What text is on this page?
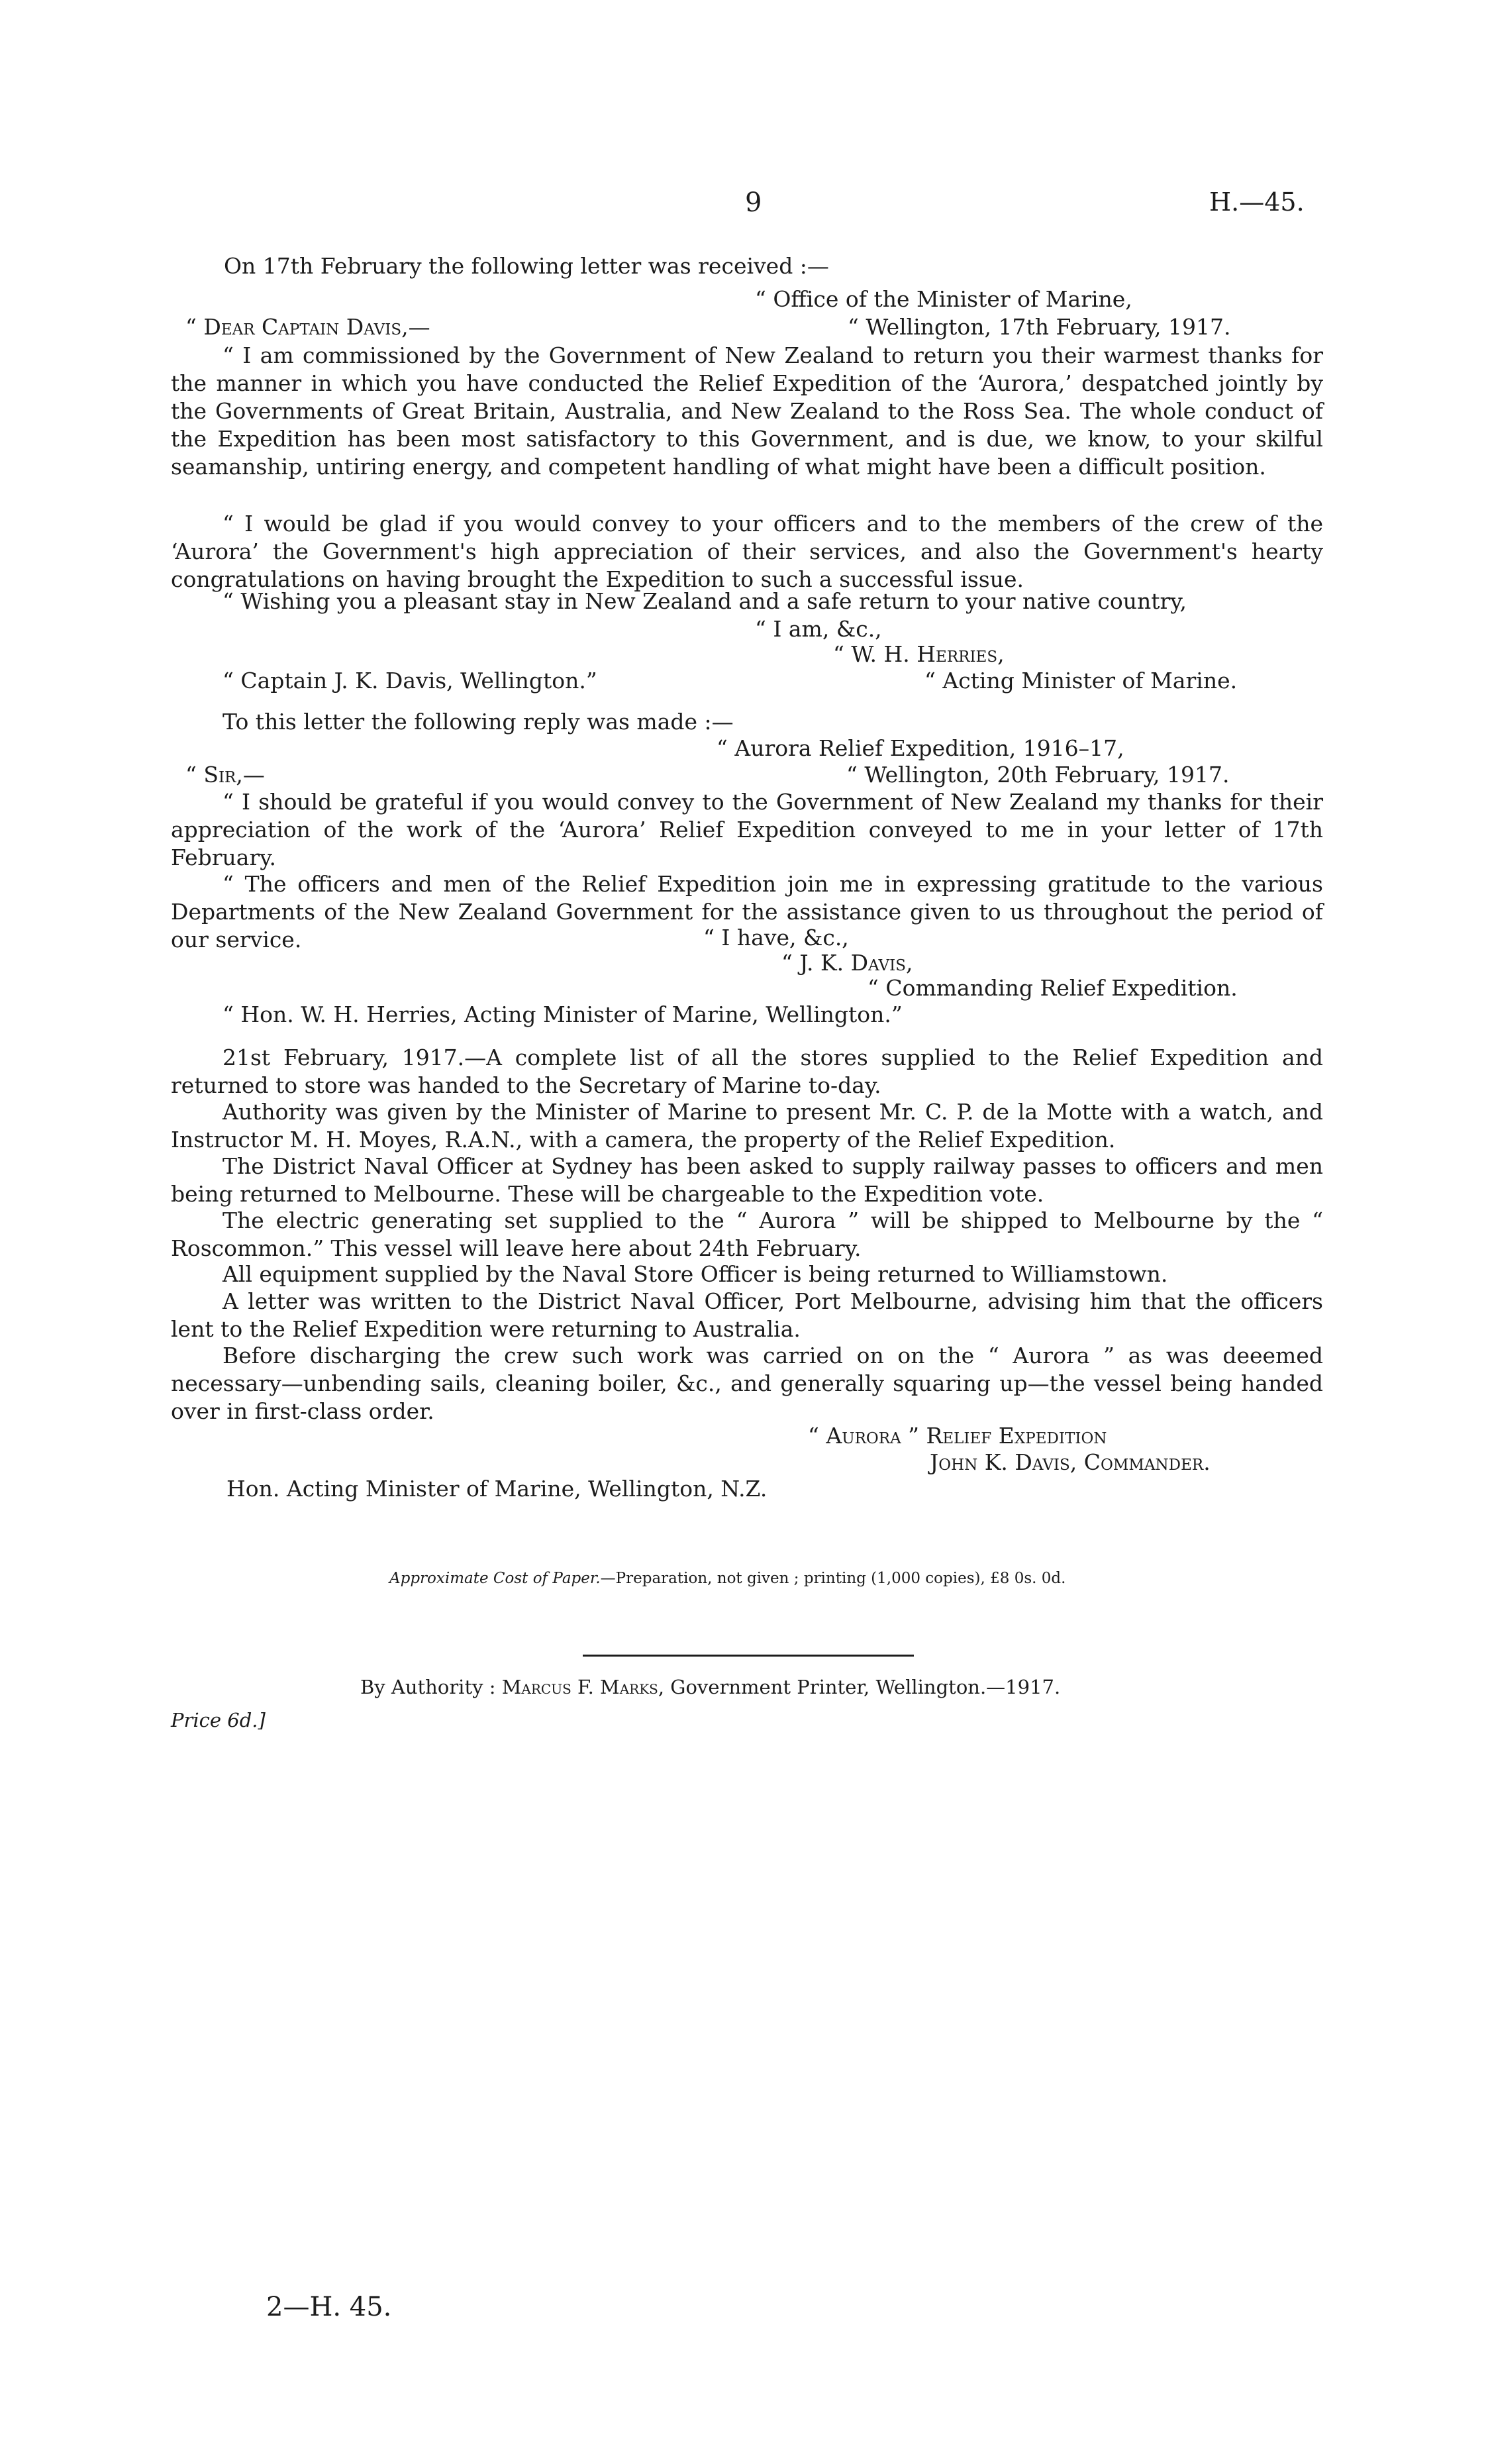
9	H.—45.
On 17th February the following letter was received :—
“ Office of the Minister of Marine,
“ Dear Captain Davis,—	“ Wellington, 17th February, 1917.
“ I am commissioned by the Government of New Zealand to return you their warmest thanks for the manner in which you have conducted the Relief Expedition of the ‘Aurora,’ despatched jointly by the Governments of Great Britain, Australia, and New Zealand to the Ross Sea. The whole conduct of the Expedition has been most satisfactory to this Government, and is due, we know, to your skilful seamanship, untiring energy, and competent handling of what might have been a difficult position.
“ I would be glad if you would convey to your officers and to the members of the crew of the ‘Aurora’ the Government's high appreciation of their services, and also the Government's hearty congratulations on having brought the Expedition to such a successful issue.
“ Wishing you a pleasant stay in New Zealand and a safe return to your native country,
“ I am, &c.,
“ W. H. Herries,
“ Captain J. K. Davis, Wellington.”	“ Acting Minister of Marine.
To this letter the following reply was made :—
“ Aurora Relief Expedition, 1916–17,
“ Sir,—	“ Wellington, 20th February, 1917.
“ I should be grateful if you would convey to the Government of New Zealand my thanks for their appreciation of the work of the ‘Aurora’ Relief Expedition conveyed to me in your letter of 17th February.
“ The officers and men of the Relief Expedition join me in expressing gratitude to the various Departments of the New Zealand Government for the assistance given to us throughout the period of our service.	“ I have, &c.,
“ J. K. Davis,
“ Commanding Relief Expedition.
“ Hon. W. H. Herries, Acting Minister of Marine, Wellington.”
21st February, 1917.—A complete list of all the stores supplied to the Relief Expedition and returned to store was handed to the Secretary of Marine to-day.
Authority was given by the Minister of Marine to present Mr. C. P. de la Motte with a watch, and Instructor M. H. Moyes, R.A.N., with a camera, the property of the Relief Expedition.
The District Naval Officer at Sydney has been asked to supply railway passes to officers and men being returned to Melbourne. These will be chargeable to the Expedition vote.
The electric generating set supplied to the “ Aurora ” will be shipped to Melbourne by the “ Roscommon.” This vessel will leave here about 24th February.
All equipment supplied by the Naval Store Officer is being returned to Williamstown.
A letter was written to the District Naval Officer, Port Melbourne, advising him that the officers lent to the Relief Expedition were returning to Australia.
Before discharging the crew such work was carried on on the “ Aurora ” as was deeemed necessary—unbending sails, cleaning boiler, &c., and generally squaring up—the vessel being handed over in first-class order.
“ Aurora ” Relief Expedition
John K. Davis, Commander.
Hon. Acting Minister of Marine, Wellington, N.Z.
Approximate Cost of Paper.—Preparation, not given ; printing (1,000 copies), £8 0s. 0d.
By Authority : Marcus F. Marks, Government Printer, Wellington.—1917.
Price 6d.]
2—H. 45.
